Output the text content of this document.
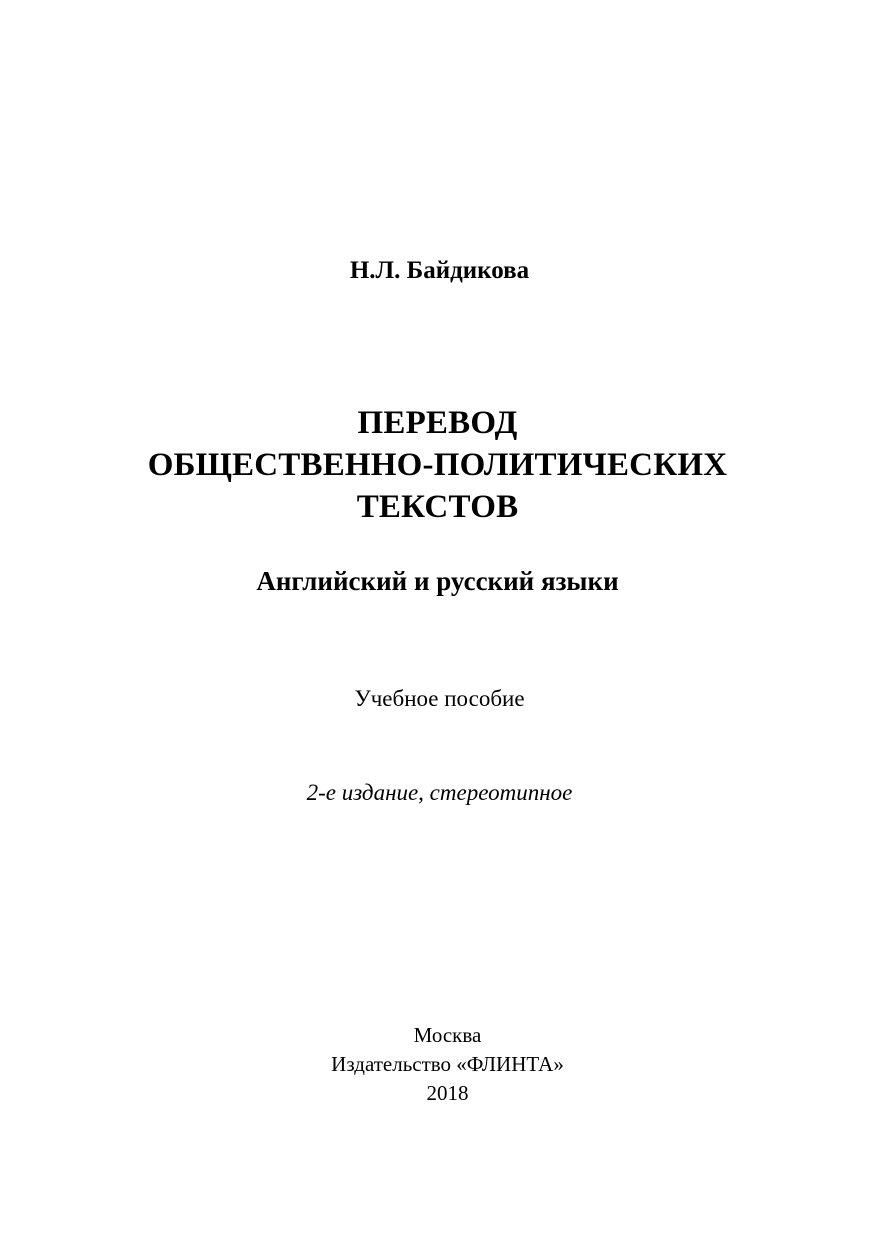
Н.Л. Байдикова

ПЕРЕВОД
ОБЩЕСТВЕННО-ПОЛИТИЧЕСКИХ
ТЕКСТОВ
Английский и русский языки

Учебное пособие

2-е издание, стереотипное

Москва
Издательство «ФЛИНТА»
2018
